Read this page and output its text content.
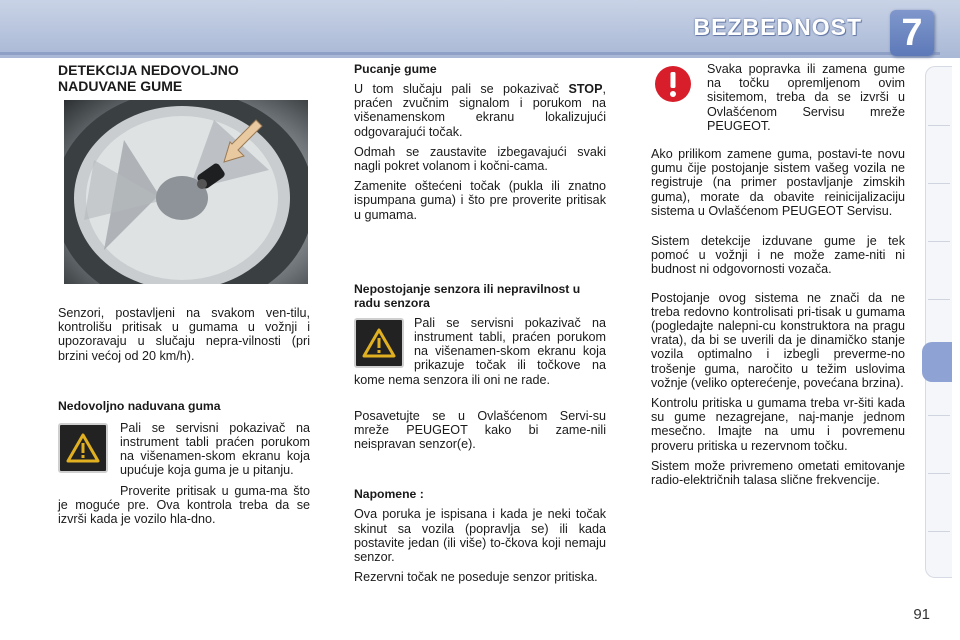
BEZBEDNOST	7
DETEKCIJA NEDOVOLJNO NADUVANE GUME

Senzori, postavljeni na svakom ven-tilu, kontrolišu pritisak u gumama u vožnji i upozoravaju u slučaju nepra-vilnosti (pri brzini većoj od 20 km/h).

Nedovoljno naduvana guma

Pali se servisni pokazivač na instrument tabli praćen porukom na višenamen-skom ekranu koja upućuje koja guma je u pitanju.

Proverite pritisak u guma-ma što je moguće pre. Ova kontrola treba da se izvrši kada je vozilo hla-dno.

Pucanje gume

U tom slučaju pali se pokazivač STOP, praćen zvučnim signalom i porukom na višenamenskom ekranu lokalizujući odgovarajući točak.

Odmah se zaustavite izbegavajući svaki nagli pokret volanom i kočni-cama.

Zamenite oštećeni točak (pukla ili znatno ispumpana guma) i što pre proverite pritisak u gumama.

Nepostojanje senzora ili nepravilnost u radu senzora

Pali se servisni pokazivač na instrument tabli, praćen porukom na višenamen-skom ekranu koja prikazuje točak ili točkove na kome nema senzora ili oni ne rade.

Posavetujte se u Ovlašćenom Servi-su mreže PEUGEOT kako bi zame-nili neispravan senzor(e).

Napomene :

Ova poruka je ispisana i kada je neki točak skinut sa vozila (popravlja se) ili kada postavite jedan (ili više) to-čkova koji nemaju senzor.

Rezervni točak ne poseduje senzor pritiska.

Svaka popravka ili zamena gume na točku opremljenom ovim sisitemom, treba da se izvrši u Ovlašćenom Servisu mreže PEUGEOT.

Ako prilikom zamene guma, postavi-te novu gumu čije postojanje sistem vašeg vozila ne registruje (na primer postavljanje zimskih guma), morate da obavite reinicijalizaciju sistema u Ovlašćenom PEUGEOT Servisu.

Sistem detekcije izduvane gume je tek pomoć u vožnji i ne može zame-niti ni budnost ni odgovornosti vozača.

Postojanje ovog sistema ne znači da ne treba redovno kontrolisati pri-tisak u gumama (pogledajte nalepni-cu konstruktora na pragu vrata), da bi se uverili da je dinamičko stanje vozila optimalno i izbegli preverme-no trošenje guma, naročito u težim uslovima vožnje (veliko opterećenje, povećana brzina).

Kontrolu pritiska u gumama treba vr-šiti kada su gume nezagrejane, naj-manje jednom mesečno. Imajte na umu i povremenu proveru pritiska u rezervnom točku.

Sistem može privremeno ometati emitovanje radio-električnih talasa slične frekvencije.

91
